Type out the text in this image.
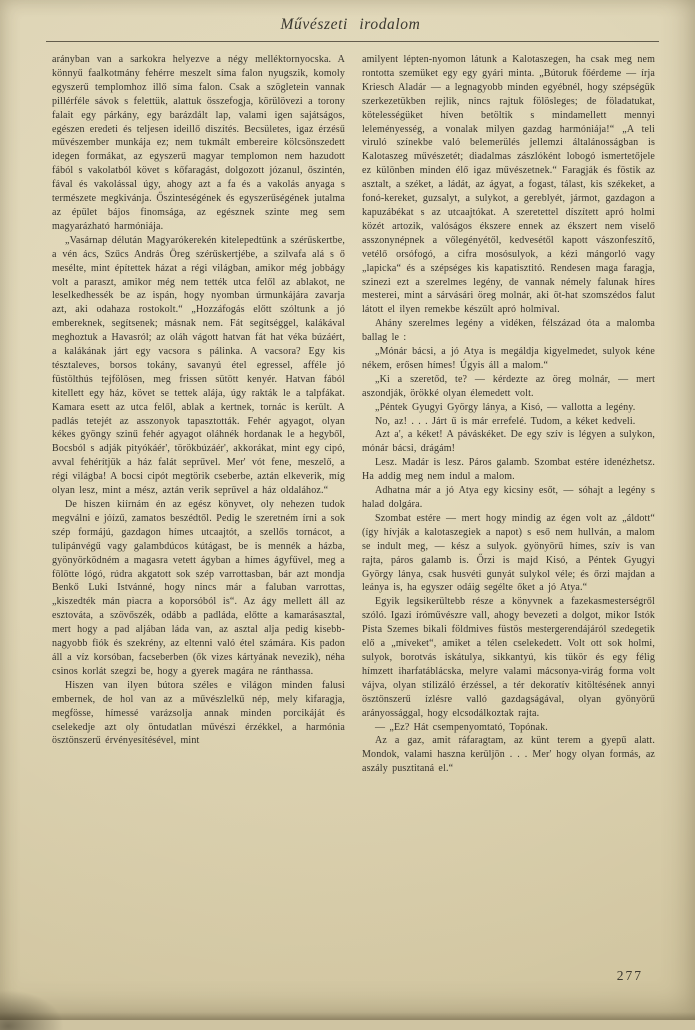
Művészeti irodalom

arányban van a sarkokra helyezve a négy melléktornyocska. A könnyű faalkotmány fehérre meszelt síma falon nyugszik, komoly egyszerű templomhoz illő síma falon. Csak a szögletein vannak pillérféle sávok s felettük, alattuk összefogja, körülövezi a torony falait egy párkány, egy barázdált lap, valami igen sajátságos, egészen eredeti és teljesen ideillő diszítés. Becsületes, igaz érzésű művészember munkája ez; nem tukmált embereire kölcsönszedett idegen formákat, az egyszerű magyar templomon nem hazudott fából s vakolatból követ s kőfaragást, dolgozott józanul, őszintén, fával és vakolással úgy, ahogy azt a fa és a vakolás anyaga s természete megkivánja. Őszinteségének és egyszerűségének jutalma az épület bájos finomsága, az egésznek szinte meg sem magyarázható harmóniája.

„Vasárnap délután Magyarókerekén kitelepedtünk a szérűskertbe, a vén ács, Szűcs András Öreg szérűskertjébe, a szilvafa alá s ő mesélte, mint építettek házat a régi világban, amikor még jobbágy volt a paraszt, amikor még nem tették utca felől az ablakot, ne leselkedhessék be az ispán, hogy nyomban úrmunkájára zavarja azt, aki odahaza rostokolt.“ „Hozzáfogás előtt szóltunk a jó embereknek, segítsenek; másnak nem. Fát segítséggel, kalákával meghoztuk a Havasról; az oláh vágott hatvan fát hat véka búzáért, a kalákának járt egy vacsora s pálinka. A vacsora? Egy kis tésztaleves, borsos tokány, savanyú étel egressel, afféle jó füstölthús tejfölösen, meg frissen sütött kenyér. Hatvan fából kitellett egy ház, követ se tettek alája, úgy rakták le a talpfákat. Kamara esett az utca felől, ablak a kertnek, tornác is került. A padlás tetejét az asszonyok tapasztották. Fehér agyagot, olyan kékes gyöngy szinű fehér agyagot oláhnék hordanak le a hegyből, Bocsból s adják pityókáér', törökbúzáér', akkorákat, mint egy cipó, avval fehérítjük a ház falát seprűvel. Mer' vót fene, meszelő, a régi világba! A bocsi cipót megtörik cseberbe, aztán elkeverik, míg olyan lesz, mint a mész, aztán verik seprűvel a ház oldalához.“

De hiszen kiírnám én az egész könyvet, oly nehezen tudok megválni e jóízű, zamatos beszédtől. Pedig le szeretném írni a sok szép formájú, gazdagon hímes utcaajtót, a szellős tornácot, a tulipánvégű vagy galambdúcos kútágast, be is mennék a házba, gyönyörködném a magasra vetett ágyban a hímes ágyfűvel, meg a fölötte lógó, rúdra akgatott sok szép varrottasban, bár azt mondja Benkő Luki Istvánné, hogy nincs már a faluban varrottas, „kiszedték mán piacra a koporsóból is“. Az ágy mellett áll az esztováta, a szövőszék, odább a padláda, előtte a kamarásasztal, mert hogy a pad aljában láda van, az asztal alja pedig kisebb-nagyobb fiók és szekrény, az eltenni való étel számára. Kis padon áll a víz korsóban, facseberben (ők vizes kártyának nevezik), néha csinos korlát szegzi be, hogy a gyerek magára ne ránthassa.

Hiszen van ilyen bútora széles e világon minden falusi embernek, de hol van az a művészlelkű nép, mely kifaragja, megfösse, hímessé varázsolja annak minden porcikáját és cselekedje azt oly öntudatlan művészi érzékkel, a harmónia ösztönszerű érvényesítésével, mint

amilyent lépten-nyomon látunk a Kalotaszegen, ha csak meg nem rontotta szemüket egy egy gyári minta. „Bútoruk főérdeme — írja Kriesch Aladár — a legnagyobb minden egyébnél, hogy szépségük szerkezetükben rejlik, nincs rajtuk fölösleges; de föladatukat, kötelességüket híven betöltik s mindamellett mennyi leleményesség, a vonalak milyen gazdag harmóniája!“ „A teli viruló színekbe való belemerülés jellemzi általánosságban is Kalotaszeg művészetét; diadalmas zászlóként lobogó ismertetőjele ez különben minden élő igaz művészetnek.“ Faragják és föstik az asztalt, a széket, a ládát, az ágyat, a fogast, tálast, kis székeket, a fonó-kereket, guzsalyt, a sulykot, a gereblyét, jármot, gazdagon a kapuzábékat s az utcaajtókat. A szeretettel díszített apró holmi közét artozik, valóságos ékszere ennek az ékszert nem viselő asszonynépnek a vőlegényétől, kedvesétől kapott vászonfeszítő, vetélő orsófogó, a cifra mosósulyok, a kézi mángorló vagy „lapicka“ és a szépséges kis kapatisztitó. Rendesen maga faragja, szinezi ezt a szerelmes legény, de vannak némely falunak híres mesterei, mint a sárvásári öreg molnár, aki öt-hat szomszédos falut látott el ilyen remekbe készült apró holmival.

Ahány szerelmes legény a vidéken, félszázad óta a malomba ballag le :

„Mónár bácsi, a jó Atya is megáldja kigyelmedet, sulyok kéne nékem, erősen hímes! Úgyis áll a malom.“

„Ki a szeretőd, te? — kérdezte az öreg molnár, — mert aszondják, örökké olyan élemedett volt.

„Péntek Gyugyi György lánya, a Kisó, — vallotta a legény.

No, az! . . . Járt ű is már errefelé. Tudom, a kéket kedveli.

Azt a', a kéket! A páváskéket. De egy szív is légyen a sulykon, mónár bácsi, drágám!

Lesz. Madár is lesz. Páros galamb. Szombat estére idenézhetsz. Ha addig meg nem indul a malom.

Adhatna már a jó Atya egy kicsiny esőt, — sóhajt a legény s halad dolgára.

Szombat estére — mert hogy mindig az égen volt az „áldott“ (így hívják a kalotaszegiek a napot) s eső nem hullván, a malom se indult meg, — kész a sulyok. gyönyörű hímes, szív is van rajta, páros galamb is. Őrzi is majd Kisó, a Péntek Gyugyi György lánya, csak husvéti gunyát sulykol véle; és őrzi majdan a leánya is, ha egyszer odáig segélte őket a jó Atya.“

Egyik legsikerültebb része a könyvnek a fazekasmesterségről szóló. Igazi íróművészre vall, ahogy bevezeti a dolgot, mikor Istók Pista Szemes bikali földmives füstös mestergerendájáról szedegetik elő a „míveket“, amiket a télen cselekedett. Volt ott sok holmi, sulyok, borotvás iskátulya, sikkantyú, kis tükör és egy félig hímzett iharfatáblácska, melyre valami mácsonya-virág forma volt vájva, olyan stilizáló érzéssel, a tér dekoratív kitöltésének annyi ösztönszerű ízlésre valló gazdagságával, olyan gyönyörű arányossággal, hogy elcsodálkoztak rajta.

— „Ez? Hát csempenyomtató, Topónak.

Az a gaz, amit ráfaragtam, az künt terem a gyepű alatt. Mondok, valami haszna kerüljön . . . Mer' hogy olyan formás, az aszály pusztitaná el.“

277
